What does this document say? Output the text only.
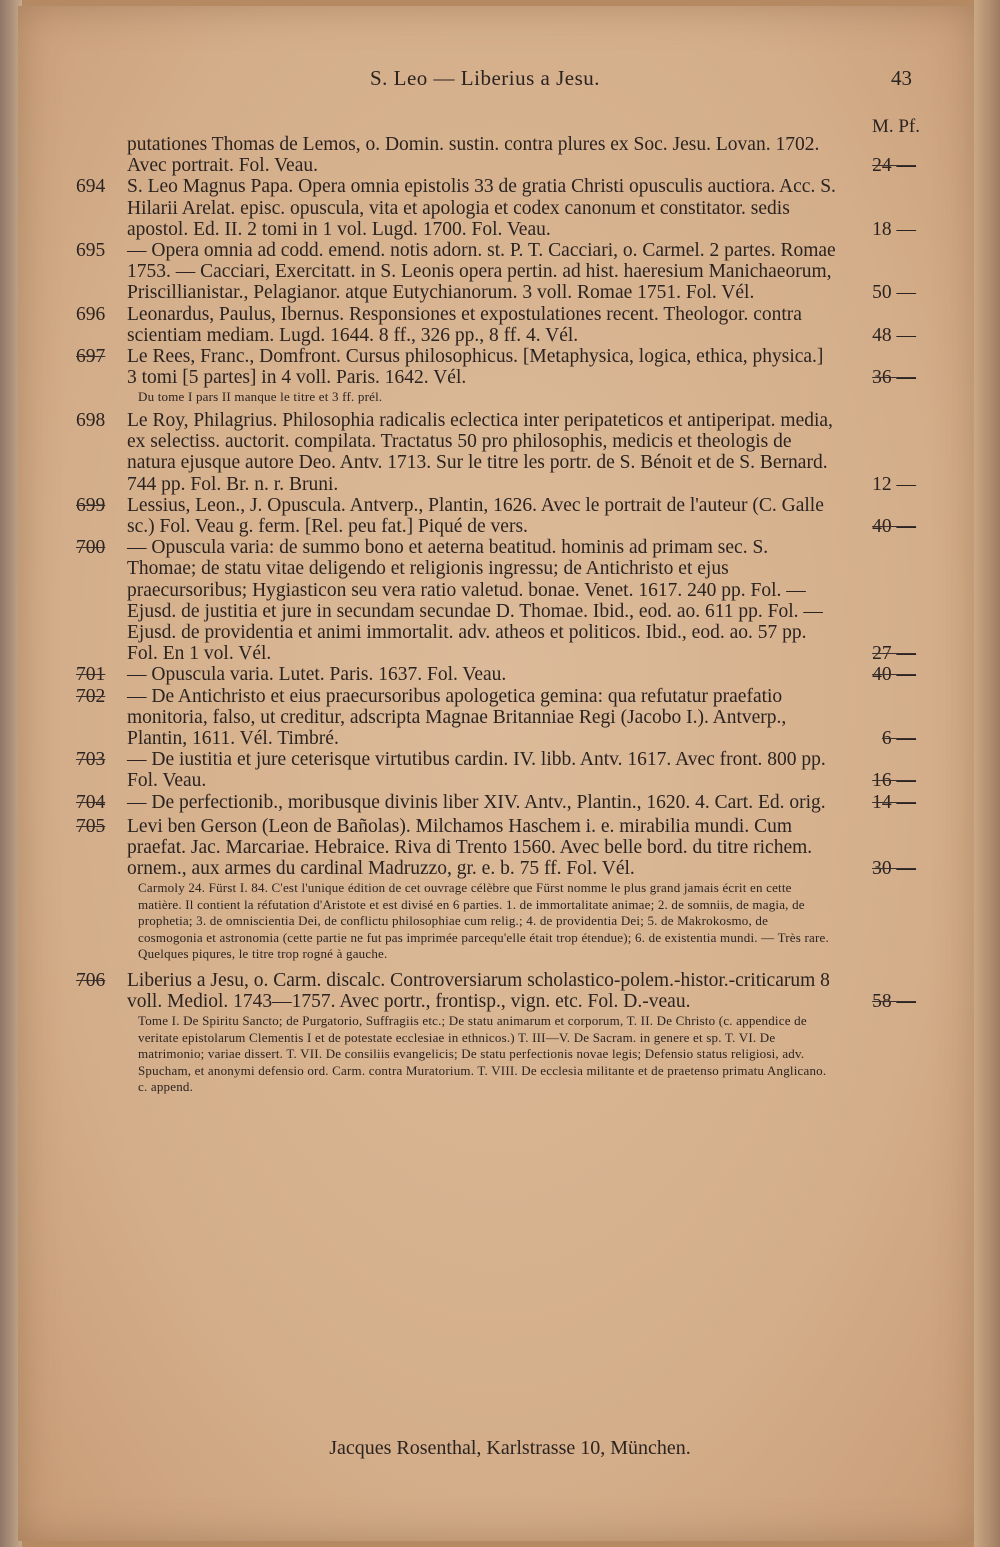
S. Leo — Liberius a Jesu.	43
M. Pf.
putationes Thomas de Lemos, o. Domin. sustin. contra plures ex Soc. Jesu. Lovan. 1702. Avec portrait. Fol. Veau.	24 —
694	S. Leo Magnus Papa. Opera omnia epistolis 33 de gratia Christi opusculis auctiora. Acc. S. Hilarii Arelat. episc. opuscula, vita et apologia et codex canonum et constitator. sedis apostol. Ed. II. 2 tomi in 1 vol. Lugd. 1700. Fol. Veau.	18 —
695	— Opera omnia ad codd. emend. notis adorn. st. P. T. Cacciari, o. Carmel. 2 partes. Romae 1753. — Cacciari, Exercitatt. in S. Leonis opera pertin. ad hist. haeresium Manichaeorum, Priscillianistar., Pelagianor. atque Eutychianorum. 3 voll. Romae 1751. Fol. Vél.	50 —
696	Leonardus, Paulus, Ibernus. Responsiones et expostulationes recent. Theologor. contra scientiam mediam. Lugd. 1644. 8 ff., 326 pp., 8 ff. 4. Vél.	48 —
697	Le Rees, Franc., Domfront. Cursus philosophicus. [Metaphysica, logica, ethica, physica.] 3 tomi [5 partes] in 4 voll. Paris. 1642. Vél.	36 —
Du tome I pars II manque le titre et 3 ff. prél.
698	Le Roy, Philagrius. Philosophia radicalis eclectica inter peripateticos et antiperipat. media, ex selectiss. auctorit. compilata. Tractatus 50 pro philosophis, medicis et theologis de natura ejusque autore Deo. Antv. 1713. Sur le titre les portr. de S. Bénoit et de S. Bernard. 744 pp. Fol. Br. n. r. Bruni.	12 —
699	Lessius, Leon., J. Opuscula. Antverp., Plantin, 1626. Avec le portrait de l'auteur (C. Galle sc.) Fol. Veau g. ferm. [Rel. peu fat.] Piqué de vers.	40 —
700	— Opuscula varia: de summo bono et aeterna beatitud. hominis ad primam sec. S. Thomae; de statu vitae deligendo et religionis ingressu; de Antichristo et ejus praecursoribus; Hygiasticon seu vera ratio valetud. bonae. Venet. 1617. 240 pp. Fol. — Ejusd. de justitia et jure in secundam secundae D. Thomae. Ibid., eod. ao. 611 pp. Fol. — Ejusd. de providentia et animi immortalit. adv. atheos et politicos. Ibid., eod. ao. 57 pp. Fol. En 1 vol. Vél.	27 —
701	— Opuscula varia. Lutet. Paris. 1637. Fol. Veau.	40 —
702	— De Antichristo et eius praecursoribus apologetica gemina: qua refutatur praefatio monitoria, falso, ut creditur, adscripta Magnae Britanniae Regi (Jacobo I.). Antverp., Plantin, 1611. Vél. Timbré.	6 —
703	— De iustitia et jure ceterisque virtutibus cardin. IV. libb. Antv. 1617. Avec front. 800 pp. Fol. Veau.	16 —
704	— De perfectionib., moribusque divinis liber XIV. Antv., Plantin., 1620. 4. Cart. Ed. orig.	14 —
705	Levi ben Gerson (Leon de Bañolas). Milchamos Haschem i. e. mirabilia mundi. Cum praefat. Jac. Marcariae. Hebraice. Riva di Trento 1560. Avec belle bord. du titre richem. ornem., aux armes du cardinal Madruzzo, gr. e. b. 75 ff. Fol. Vél.	30 —
Carmoly 24. Fürst I. 84. C'est l'unique édition de cet ouvrage célèbre que Fürst nomme le plus grand jamais écrit en cette matière. Il contient la réfutation d'Aristote et est divisé en 6 parties. 1. de immortalitate animae; 2. de somniis, de magia, de prophetia; 3. de omniscientia Dei, de conflictu philosophiae cum relig.; 4. de providentia Dei; 5. de Makrokosmo, de cosmogonia et astronomia (cette partie ne fut pas imprimée parcequ'elle était trop étendue); 6. de existentia mundi. — Très rare. Quelques piqures, le titre trop rogné à gauche.
706	Liberius a Jesu, o. Carm. discalc. Controversiarum scholastico-polem.-histor.-criticarum 8 voll. Mediol. 1743—1757. Avec portr., frontisp., vign. etc. Fol. D.-veau.	58 —
Tome I. De Spiritu Sancto; de Purgatorio, Suffragiis etc.; De statu animarum et corporum, T. II. De Christo (c. appendice de veritate epistolarum Clementis I et de potestate ecclesiae in ethnicos.) T. III—V. De Sacram. in genere et sp. T. VI. De matrimonio; variae dissert. T. VII. De consiliis evangelicis; De statu perfectionis novae legis; Defensio status religiosi, adv. Spucham, et anonymi defensio ord. Carm. contra Muratorium. T. VIII. De ecclesia militante et de praetenso primatu Anglicano. c. append.
Jacques Rosenthal, Karlstrasse 10, München.
